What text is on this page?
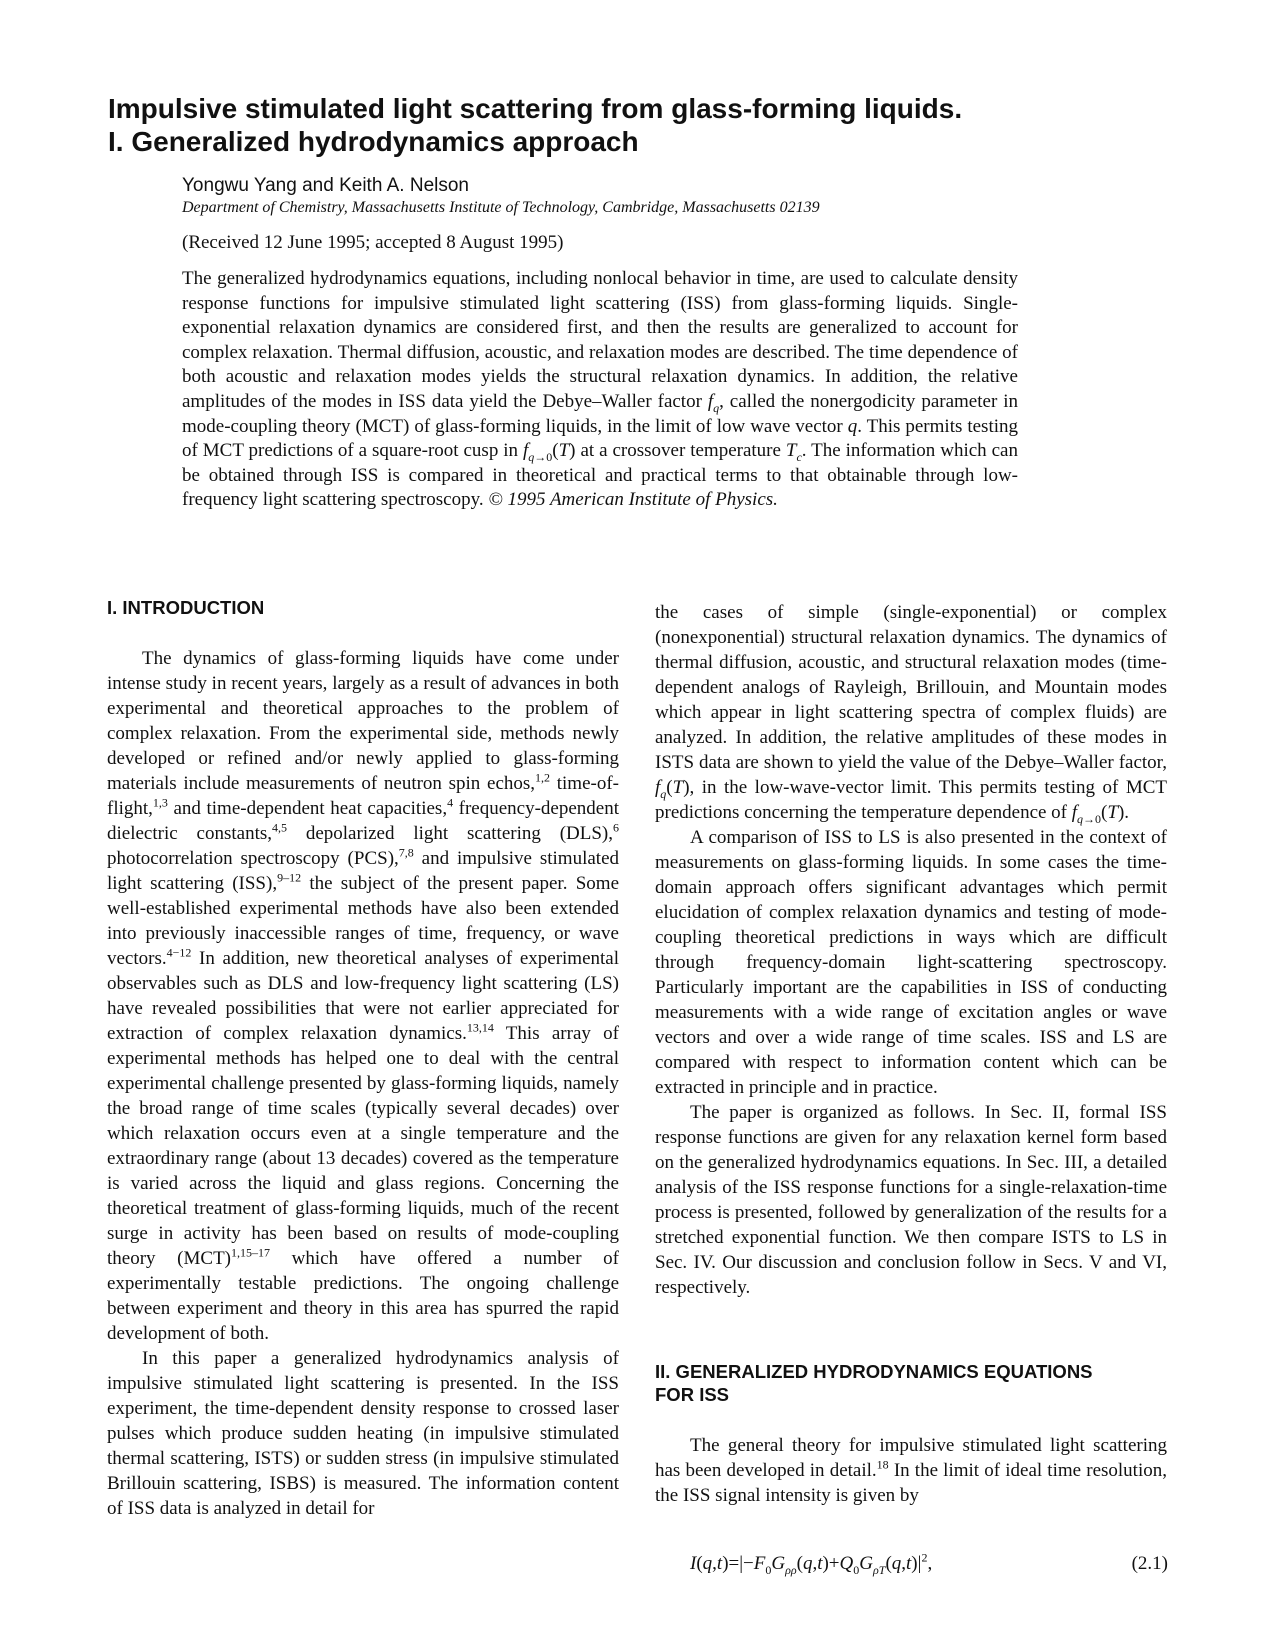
Impulsive stimulated light scattering from glass-forming liquids.
I. Generalized hydrodynamics approach
Yongwu Yang and Keith A. Nelson
Department of Chemistry, Massachusetts Institute of Technology, Cambridge, Massachusetts 02139
(Received 12 June 1995; accepted 8 August 1995)

The generalized hydrodynamics equations, including nonlocal behavior in time, are used to calculate density response functions for impulsive stimulated light scattering (ISS) from glass-forming liquids. Single-exponential relaxation dynamics are considered first, and then the results are generalized to account for complex relaxation. Thermal diffusion, acoustic, and relaxation modes are described. The time dependence of both acoustic and relaxation modes yields the structural relaxation dynamics. In addition, the relative amplitudes of the modes in ISS data yield the Debye–Waller factor $f_q$, called the nonergodicity parameter in mode-coupling theory (MCT) of glass-forming liquids, in the limit of low wave vector q. This permits testing of MCT predictions of a square-root cusp in $f_{q\to 0}(T)$ at a crossover temperature $T_c$. The information which can be obtained through ISS is compared in theoretical and practical terms to that obtainable through low-frequency light scattering spectroscopy. © 1995 American Institute of Physics.

I. INTRODUCTION

The dynamics of glass-forming liquids have come under intense study in recent years, largely as a result of advances in both experimental and theoretical approaches to the problem of complex relaxation. From the experimental side, methods newly developed or refined and/or newly applied to glass-forming materials include measurements of neutron spin echos,$^{1,2}$ time-of-flight,$^{1,3}$ and time-dependent heat capacities,$^4$ frequency-dependent dielectric constants,$^{4,5}$ depolarized light scattering (DLS),$^6$ photocorrelation spectroscopy (PCS),$^{7,8}$ and impulsive stimulated light scattering (ISS),$^{9-12}$ the subject of the present paper. Some well-established experimental methods have also been extended into previously inaccessible ranges of time, frequency, or wave vectors.$^{4-12}$ In addition, new theoretical analyses of experimental observables such as DLS and low-frequency light scattering (LS) have revealed possibilities that were not earlier appreciated for extraction of complex relaxation dynamics.$^{13,14}$ This array of experimental methods has helped one to deal with the central experimental challenge presented by glass-forming liquids, namely the broad range of time scales (typically several decades) over which relaxation occurs even at a single temperature and the extraordinary range (about 13 decades) covered as the temperature is varied across the liquid and glass regions. Concerning the theoretical treatment of glass-forming liquids, much of the recent surge in activity has been based on results of mode-coupling theory (MCT)$^{1,15-17}$ which have offered a number of experimentally testable predictions. The ongoing challenge between experiment and theory in this area has spurred the rapid development of both.

In this paper a generalized hydrodynamics analysis of impulsive stimulated light scattering is presented. In the ISS experiment, the time-dependent density response to crossed laser pulses which produce sudden heating (in impulsive stimulated thermal scattering, ISTS) or sudden stress (in impulsive stimulated Brillouin scattering, ISBS) is measured. The information content of ISS data is analyzed in detail for

the cases of simple (single-exponential) or complex (nonexponential) structural relaxation dynamics. The dynamics of thermal diffusion, acoustic, and structural relaxation modes (time-dependent analogs of Rayleigh, Brillouin, and Mountain modes which appear in light scattering spectra of complex fluids) are analyzed. In addition, the relative amplitudes of these modes in ISTS data are shown to yield the value of the Debye–Waller factor, $f_q(T)$, in the low-wave-vector limit. This permits testing of MCT predictions concerning the temperature dependence of $f_{q\to 0}(T)$.

A comparison of ISS to LS is also presented in the context of measurements on glass-forming liquids. In some cases the time-domain approach offers significant advantages which permit elucidation of complex relaxation dynamics and testing of mode-coupling theoretical predictions in ways which are difficult through frequency-domain light-scattering spectroscopy. Particularly important are the capabilities in ISS of conducting measurements with a wide range of excitation angles or wave vectors and over a wide range of time scales. ISS and LS are compared with respect to information content which can be extracted in principle and in practice.

The paper is organized as follows. In Sec. II, formal ISS response functions are given for any relaxation kernel form based on the generalized hydrodynamics equations. In Sec. III, a detailed analysis of the ISS response functions for a single-relaxation-time process is presented, followed by generalization of the results for a stretched exponential function. We then compare ISTS to LS in Sec. IV. Our discussion and conclusion follow in Secs. V and VI, respectively.

II. GENERALIZED HYDRODYNAMICS EQUATIONS
FOR ISS

The general theory for impulsive stimulated light scattering has been developed in detail.$^{18}$ In the limit of ideal time resolution, the ISS signal intensity is given by

$I(q,t)=|-F_0G_{\rho\rho}(q,t)+Q_0G_{\rho T}(q,t)|^2$,	(2.1)
